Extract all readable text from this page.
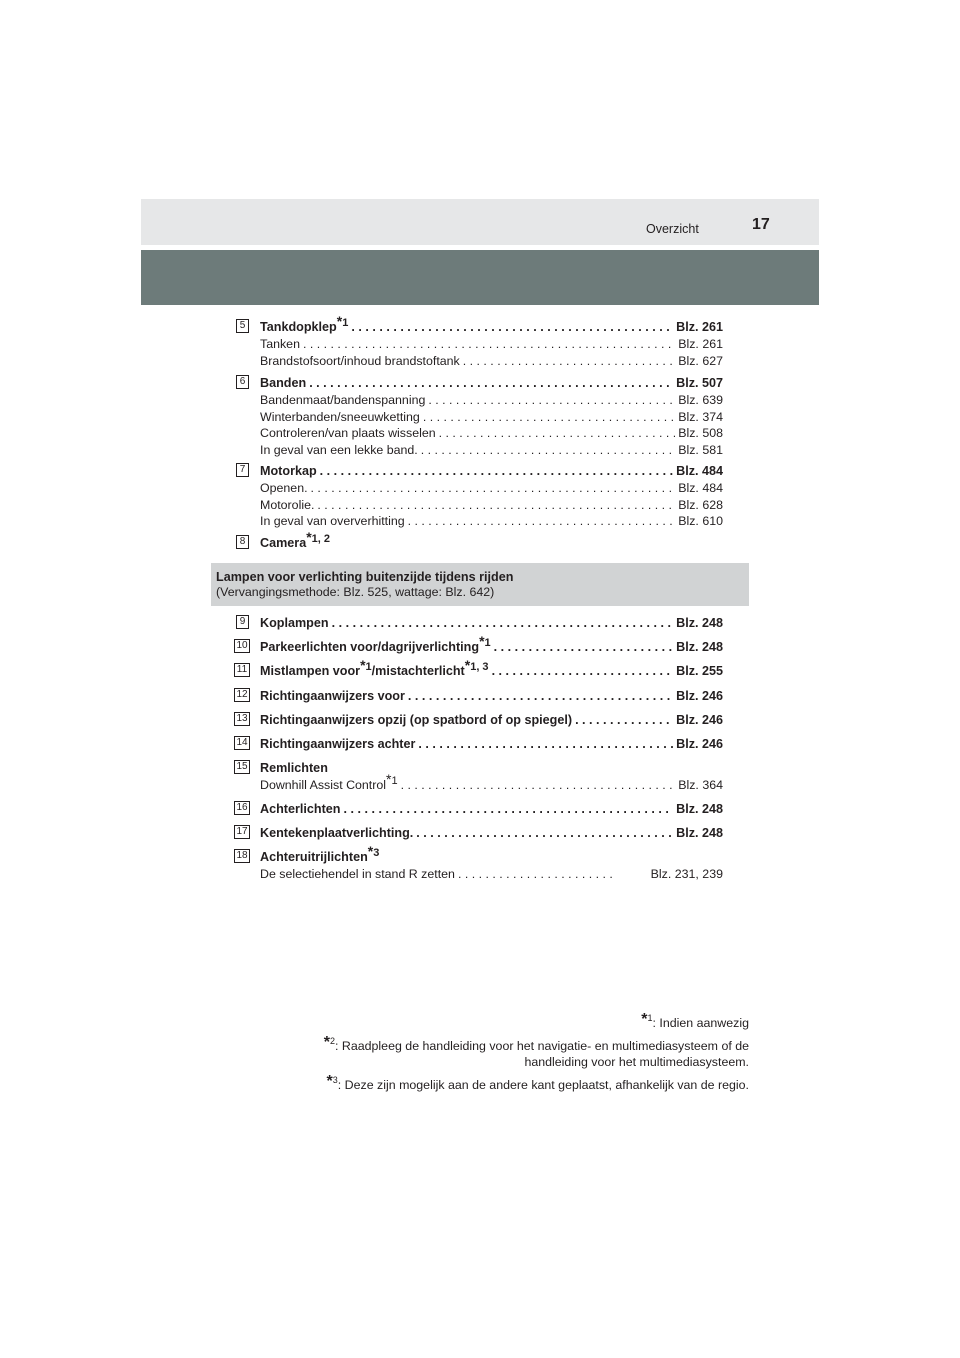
Overzicht	17
5 Tankdopklep$^{*1}$ . . .	Blz. 261
Tanken . . .	Blz. 261
Brandstofsoort/inhoud brandstoftank . . .	Blz. 627
6 Banden . . .	Blz. 507
Bandenmaat/bandenspanning . . .	Blz. 639
Winterbanden/sneeuwketting . . .	Blz. 374
Controleren/van plaats wisselen . . .	Blz. 508
In geval van een lekke band. . . .	Blz. 581
7 Motorkap . . .	Blz. 484
Openen. . . .	Blz. 484
Motorolie. . . .	Blz. 628
In geval van oververhitting . . .	Blz. 610
8 Camera$^{*1, 2}$
Lampen voor verlichting buitenzijde tijdens rijden
(Vervangingsmethode: Blz. 525, wattage: Blz. 642)
9 Koplampen . . .	Blz. 248
10 Parkeerlichten voor/dagrijverlichting$^{*1}$ . . .	Blz. 248
11 Mistlampen voor$^{*1}$/mistachterlicht$^{*1, 3}$ . . .	Blz. 255
12 Richtingaanwijzers voor . . .	Blz. 246
13 Richtingaanwijzers opzij (op spatbord of op spiegel) . . .	Blz. 246
14 Richtingaanwijzers achter . . .	Blz. 246
15 Remlichten
Downhill Assist Control$^{*1}$ . . .	Blz. 364
16 Achterlichten . . .	Blz. 248
17 Kentekenplaatverlichting. . . .	Blz. 248
18 Achteruitrijlichten$^{*3}$
De selectiehendel in stand R zetten . . .	Blz. 231, 239
*$^1$: Indien aanwezig
*$^2$: Raadpleeg de handleiding voor het navigatie- en multimediasysteem of de
handleiding voor het multimediasysteem.
*$^3$: Deze zijn mogelijk aan de andere kant geplaatst, afhankelijk van de regio.
